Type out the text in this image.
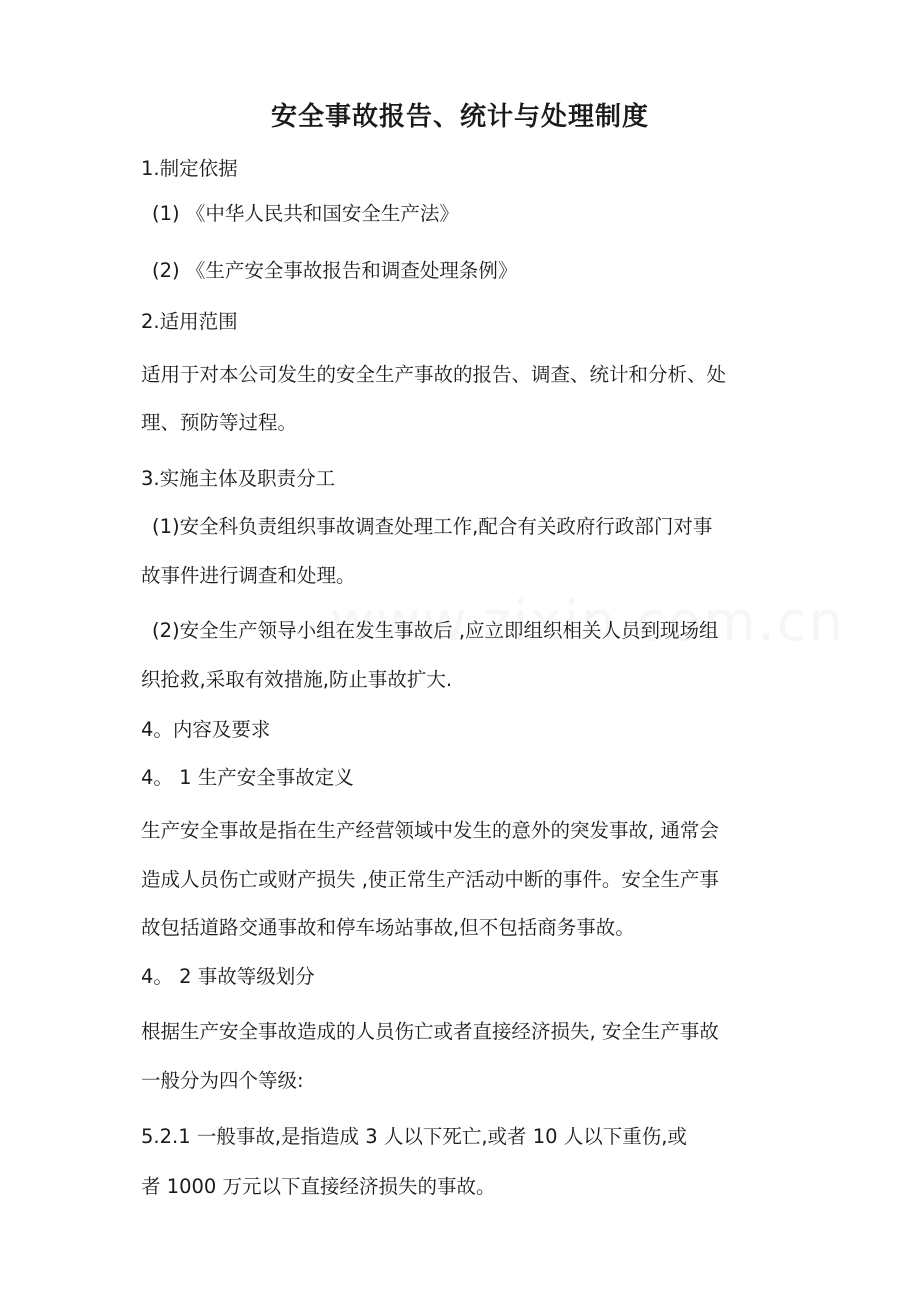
安全事故报告、统计与处理制度
1.制定依据
(1) 《中华人民共和国安全生产法》
(2) 《生产安全事故报告和调查处理条例》
2.适用范围
适用于对本公司发生的安全生产事故的报告、调查、统计和分析、处
理、预防等过程。
3.实施主体及职责分工
(1)安全科负责组织事故调查处理工作,配合有关政府行政部门对事
故事件进行调查和处理。
(2)安全生产领导小组在发生事故后 ,应立即组织相关人员到现场组
织抢救,采取有效措施,防止事故扩大.
4。内容及要求
4。 1 生产安全事故定义
生产安全事故是指在生产经营领域中发生的意外的突发事故, 通常会
造成人员伤亡或财产损失 ,使正常生产活动中断的事件。安全生产事
故包括道路交通事故和停车场站事故,但不包括商务事故。
4。 2 事故等级划分
根据生产安全事故造成的人员伤亡或者直接经济损失, 安全生产事故
一般分为四个等级:
5.2.1 一般事故,是指造成 3 人以下死亡,或者 10 人以下重伤,或
者 1000 万元以下直接经济损失的事故。
